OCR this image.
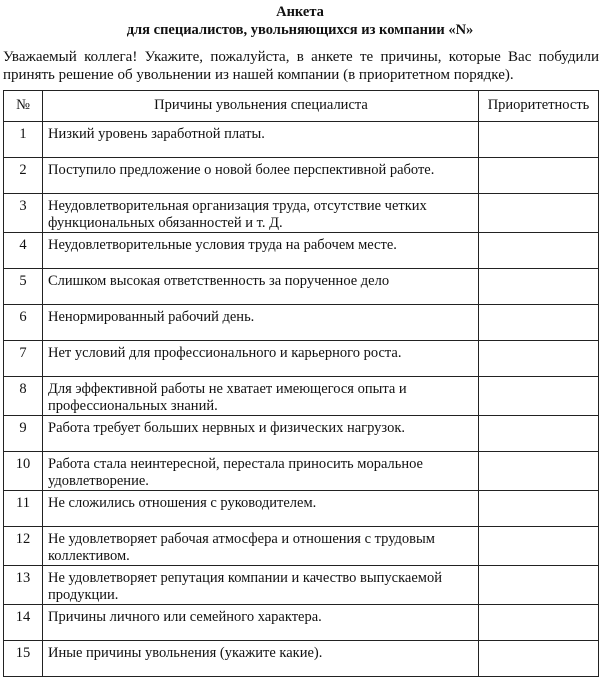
Анкета
для специалистов, увольняющихся из компании «N»
Уважаемый коллега! Укажите, пожалуйста, в анкете те причины, которые Вас побудили принять решение об увольнении из нашей компании (в приоритетном порядке).
№	Причины увольнения специалиста	Приоритетность
1	Низкий уровень заработной платы.	
2	Поступило предложение о новой более перспективной работе.	
3	Неудовлетворительная организация труда, отсутствие четких функциональных обязанностей и т. Д.	
4	Неудовлетворительные условия труда на рабочем месте.	
5	Слишком высокая ответственность за порученное дело	
6	Ненормированный рабочий день.	
7	Нет условий для профессионального и карьерного роста.	
8	Для эффективной работы не хватает имеющегося опыта и профессиональных знаний.	
9	Работа требует больших нервных и физических нагрузок.	
10	Работа стала неинтересной, перестала приносить моральное удовлетворение.	
11	Не сложились отношения с руководителем.	
12	Не удовлетворяет рабочая атмосфера и отношения с трудовым коллективом.	
13	Не удовлетворяет репутация компании и качество выпускаемой продукции.	
14	Причины личного или семейного характера.	
15	Иные причины увольнения (укажите какие).	
